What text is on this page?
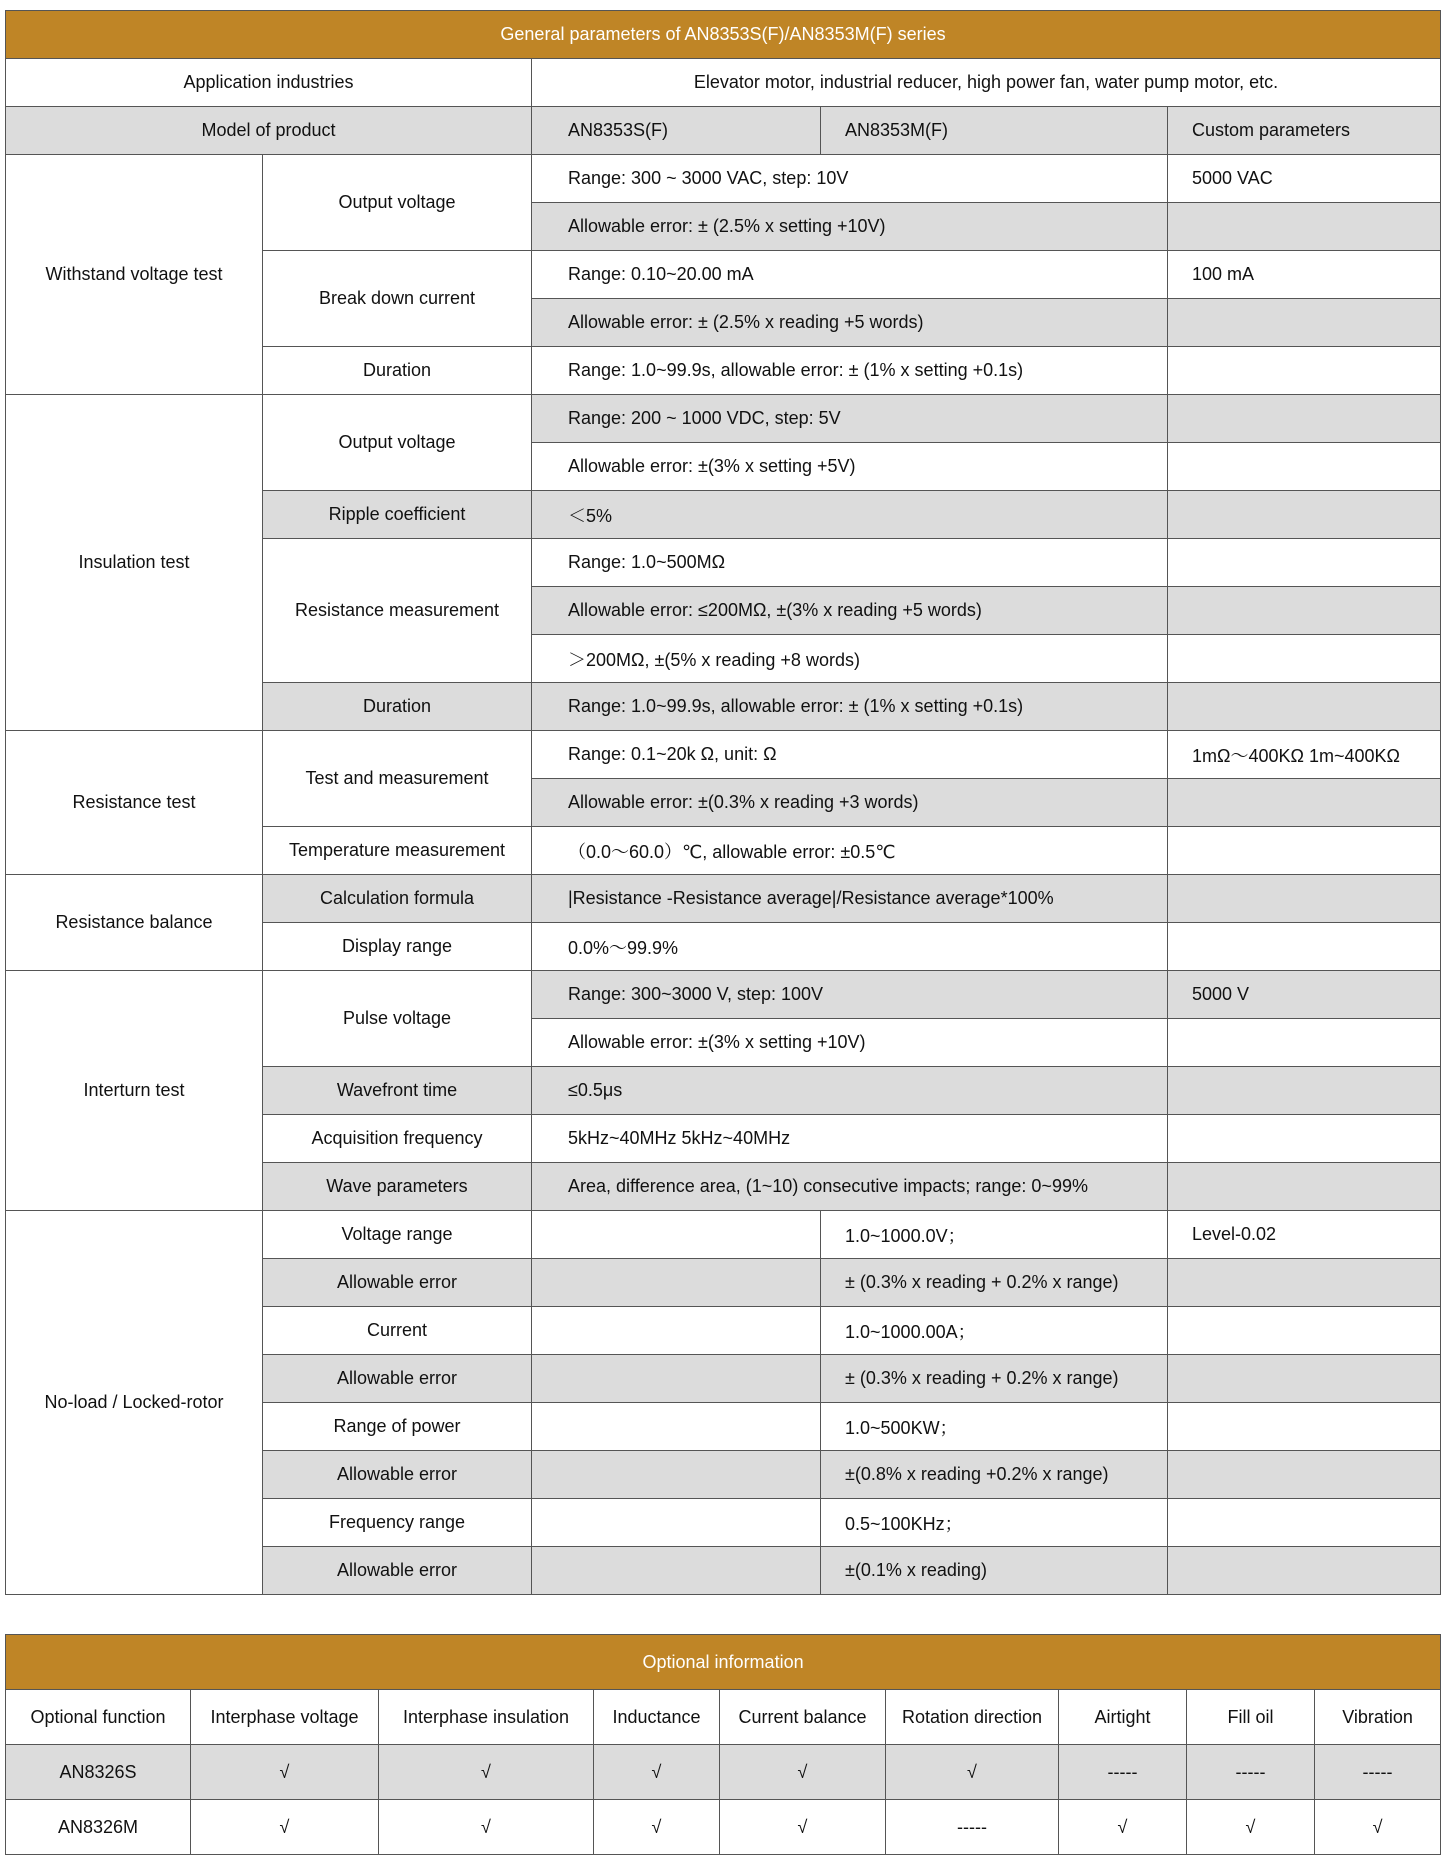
General parameters of AN8353S(F)/AN8353M(F) series				
Application industries		Elevator motor, industrial reducer, high power fan, water pump motor, etc.		
Model of product		AN8353S(F)	AN8353M(F)	Custom parameters
Withstand voltage test	Output voltage	Range: 300 ~ 3000 VAC, step: 10V		5000 VAC
		Allowable error: ± (2.5% x setting +10V)		
	Break down current	Range: 0.10~20.00 mA		100 mA
		Allowable error: ± (2.5% x reading +5 words)		
	Duration	Range: 1.0~99.9s, allowable error: ± (1% x setting +0.1s)		
Insulation test	Output voltage	Range: 200 ~ 1000 VDC, step: 5V		
		Allowable error: ±(3% x setting +5V)		
	Ripple coefficient	＜5%		
	Resistance measurement	Range: 1.0~500MΩ		
		Allowable error: ≤200MΩ, ±(3% x reading +5 words)		
		＞200MΩ, ±(5% x reading +8 words)		
	Duration	Range: 1.0~99.9s, allowable error: ± (1% x setting +0.1s)		
Resistance test	Test and measurement	Range: 0.1~20k Ω, unit: Ω		1mΩ～400KΩ 1m~400KΩ
		Allowable error: ±(0.3% x reading +3 words)		
	Temperature measurement	（0.0～60.0）℃, allowable error: ±0.5℃		
Resistance balance	Calculation formula	|Resistance -Resistance average|/Resistance average*100%		
	Display range	0.0%～99.9%		
Interturn test	Pulse voltage	Range: 300~3000 V, step: 100V		5000 V
		Allowable error: ±(3% x setting +10V)		
	Wavefront time	≤0.5μs		
	Acquisition frequency	5kHz~40MHz 5kHz~40MHz		
	Wave parameters	Area, difference area, (1~10) consecutive impacts; range: 0~99%		
No-load / Locked-rotor	Voltage range		1.0~1000.0V；	Level-0.02
	Allowable error		± (0.3% x reading + 0.2% x range)	
	Current		1.0~1000.00A；	
	Allowable error		± (0.3% x reading + 0.2% x range)	
	Range of power		1.0~500KW；	
	Allowable error		±(0.8% x reading +0.2% x range)	
	Frequency range		0.5~100KHz；	
	Allowable error		±(0.1% x reading)	
Optional information								
Optional function	Interphase voltage	Interphase insulation	Inductance	Current balance	Rotation direction	Airtight	Fill oil	Vibration
AN8326S	√	√	√	√	√	-----	-----	-----
AN8326M	√	√	√	√	-----	√	√	√
